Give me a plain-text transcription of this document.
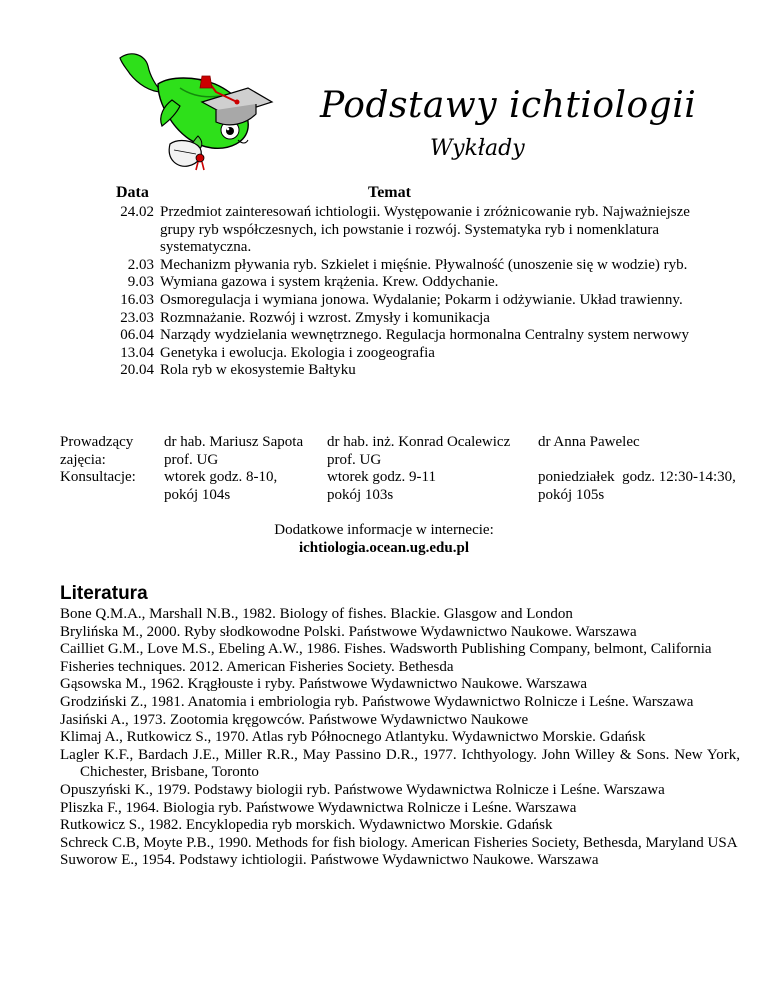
Podstawy ichtiologii
Wykłady
Data	Temat
24.02 Przedmiot zainteresowań ichtiologii. Występowanie i zróżnicowanie ryb. Najważniejsze grupy ryb współczesnych, ich powstanie i rozwój. Systematyka ryb i nomenklatura systematyczna.
2.03 Mechanizm pływania ryb. Szkielet i mięśnie. Pływalność (unoszenie się w wodzie) ryb.
9.03 Wymiana gazowa i system krążenia. Krew. Oddychanie.
16.03 Osmoregulacja i wymiana jonowa. Wydalanie; Pokarm i odżywianie. Układ trawienny.
23.03 Rozmnażanie. Rozwój i wzrost. Zmysły i komunikacja
06.04 Narządy wydzielania wewnętrznego. Regulacja hormonalna Centralny system nerwowy
13.04 Genetyka i ewolucja. Ekologia i zoogeografia
20.04 Rola ryb w ekosystemie Bałtyku
Prowadzący
zajęcia:
Konsultacje:
dr hab. Mariusz Sapota
prof. UG
wtorek godz. 8-10,
pokój 104s
dr hab. inż. Konrad Ocalewicz
prof. UG
wtorek godz. 9-11
pokój 103s
dr Anna Pawelec

poniedziałek  godz. 12:30-14:30,
pokój 105s
Dodatkowe informacje w internecie:
ichtiologia.ocean.ug.edu.pl
Literatura
Bone Q.M.A., Marshall N.B., 1982. Biology of fishes. Blackie. Glasgow and London
Brylińska M., 2000. Ryby słodkowodne Polski. Państwowe Wydawnictwo Naukowe. Warszawa
Cailliet G.M., Love M.S., Ebeling A.W., 1986. Fishes. Wadsworth Publishing Company, belmont, California
Fisheries techniques. 2012. American Fisheries Society. Bethesda
Gąsowska M., 1962. Krągłouste i ryby. Państwowe Wydawnictwo Naukowe. Warszawa
Grodziński Z., 1981. Anatomia i embriologia ryb. Państwowe Wydawnictwo Rolnicze i Leśne. Warszawa
Jasiński A., 1973. Zootomia kręgowców. Państwowe Wydawnictwo Naukowe
Klimaj A., Rutkowicz S., 1970. Atlas ryb Północnego Atlantyku. Wydawnictwo Morskie. Gdańsk
Lagler K.F., Bardach J.E., Miller R.R., May Passino D.R., 1977. Ichthyology. John Willey & Sons. New York, Chichester, Brisbane, Toronto
Opuszyński K., 1979. Podstawy biologii ryb. Państwowe Wydawnictwa Rolnicze i Leśne. Warszawa
Pliszka F., 1964. Biologia ryb. Państwowe Wydawnictwa Rolnicze i Leśne. Warszawa
Rutkowicz S., 1982. Encyklopedia ryb morskich. Wydawnictwo Morskie. Gdańsk
Schreck C.B, Moyte P.B., 1990. Methods for fish biology. American Fisheries Society, Bethesda, Maryland USA
Suworow E., 1954. Podstawy ichtiologii. Państwowe Wydawnictwo Naukowe. Warszawa
